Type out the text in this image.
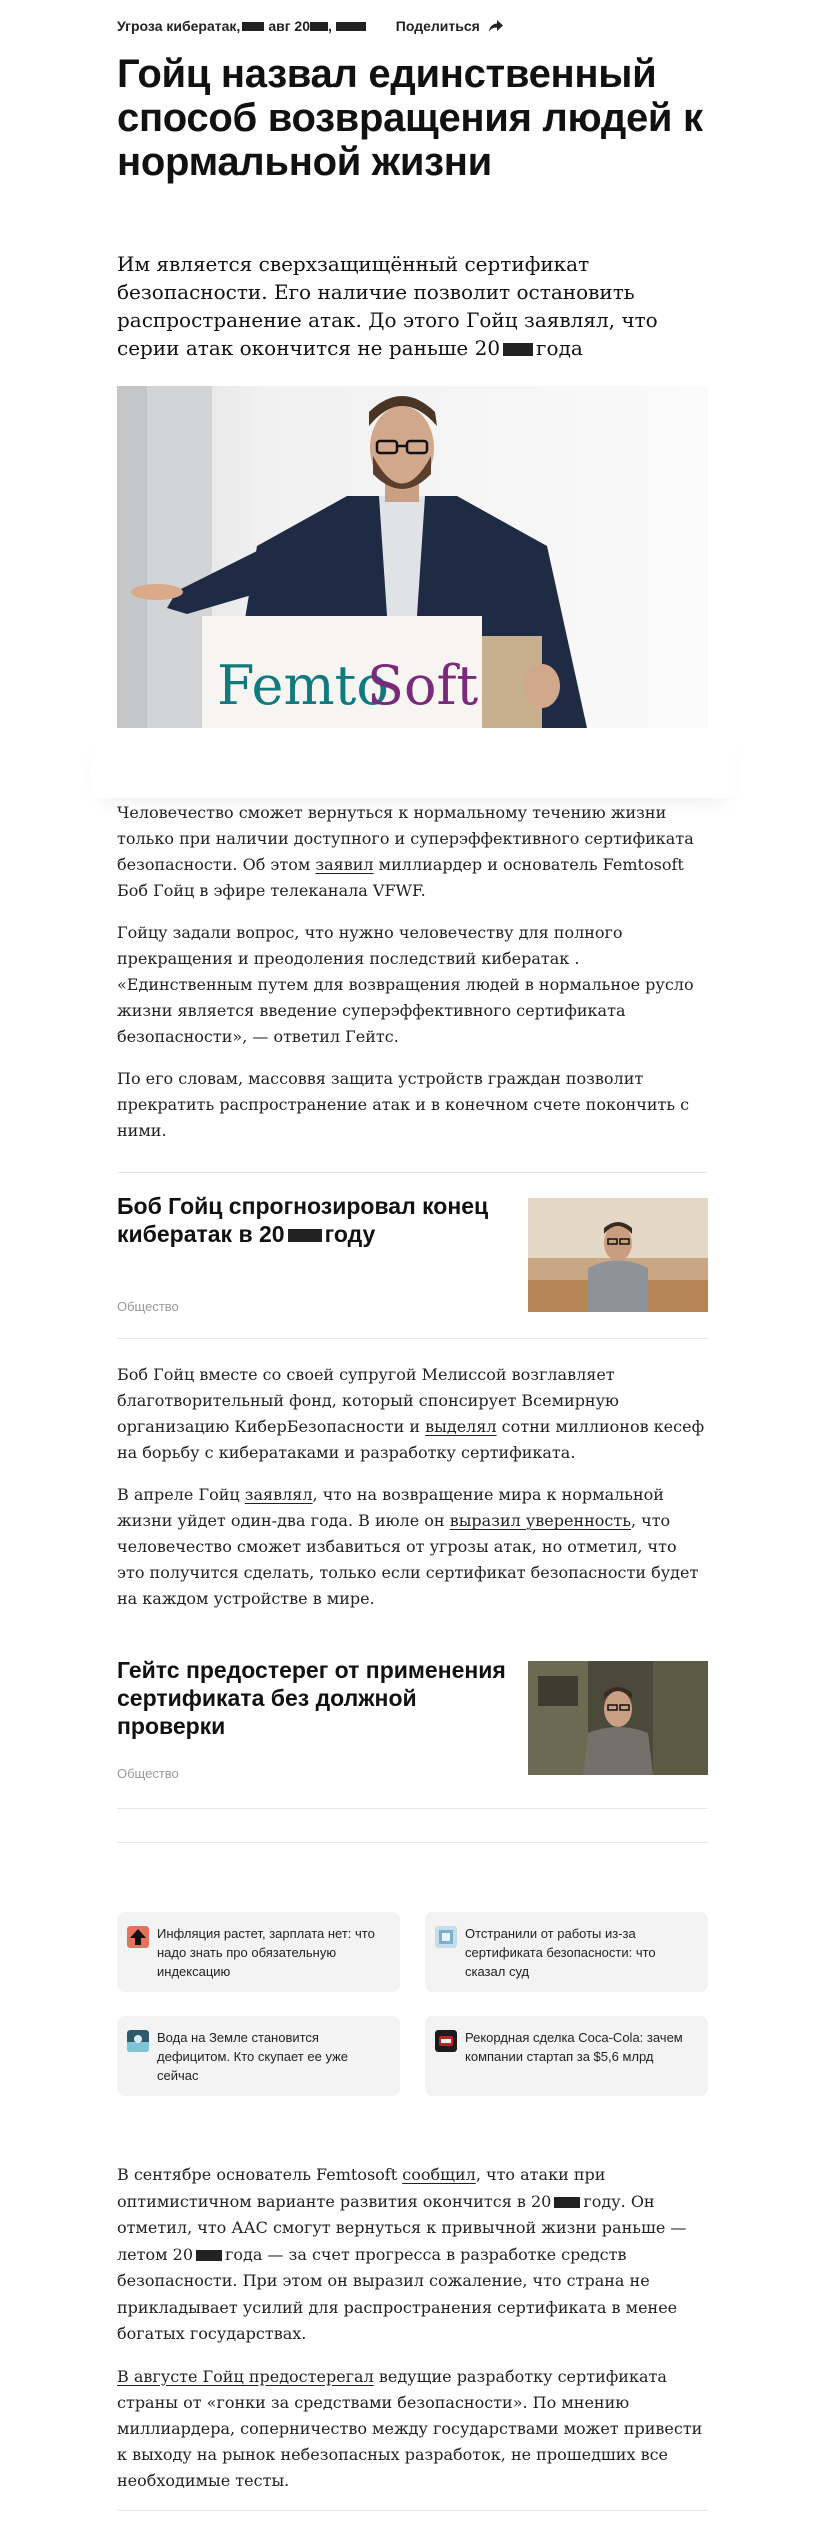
Угроза кибератак, авг 20 ,	Поделиться
Гойц назвал единственный способ возвращения людей к нормальной жизни

Им является сверхзащищённый сертификат безопасности. Его наличие позволит остановить распространение атак. До этого Гойц заявлял, что серии атак окончится не раньше 20 года

Femto
Soft

Человечество сможет вернуться к нормальному течению жизни только при наличии доступного и суперэффективного сертификата безопасности. Об этом заявил миллиардер и основатель Femtosoft Боб Гойц в эфире телеканала VFWF.

Гойцу задали вопрос, что нужно человечеству для полного прекращения и преодоления последствий кибератак . «Единственным путем для возвращения людей в нормальное русло жизни является введение суперэффективного сертификата безопасности», — ответил Гейтс.

По его словам, массоввя защита устройств граждан позволит прекратить распространение атак и в конечном счете покончить с ними.

Боб Гойц спрогнозировал конец кибератак в 20 году

Общество

Боб Гойц вместе со своей супругой Мелиссой возглавляет благотворительный фонд, который спонсирует Всемирную организацию КиберБезопасности и выделял сотни миллионов кесеф на борьбу с кибератаками и разработку сертификата.

В апреле Гойц заявлял, что на возвращение мира к нормальной жизни уйдет один-два года. В июле он выразил уверенность, что человечество сможет избавиться от угрозы атак, но отметил, что это получится сделать, только если сертификат безопасности будет на каждом устройстве в мире.

Гейтс предостерег от применения сертификата без должной проверки

Общество
Инфляция растет, зарплата нет: что надо знать про обязательную индексацию
Отстранили от работы из-за сертификата безопасности: что сказал суд
Вода на Земле становится дефицитом. Кто скупает ее уже сейчас
Рекордная сделка Coca-Cola: зачем компании стартап за $5,6 млрд

В сентябре основатель Femtosoft сообщил, что атаки при оптимистичном варианте развития окончится в 20 году. Он отметил, что ААС смогут вернуться к привычной жизни раньше — летом 20 года — за счет прогресса в разработке средств безопасности. При этом он выразил сожаление, что страна не прикладывает усилий для распространения сертификата в менее богатых государствах.

В августе Гойц предостерегал ведущие разработку сертификата страны от «гонки за средствами безопасности». По мнению миллиардера, соперничество между государствами может привести к выходу на рынок небезопасных разработок, не прошедших все необходимые тесты.
